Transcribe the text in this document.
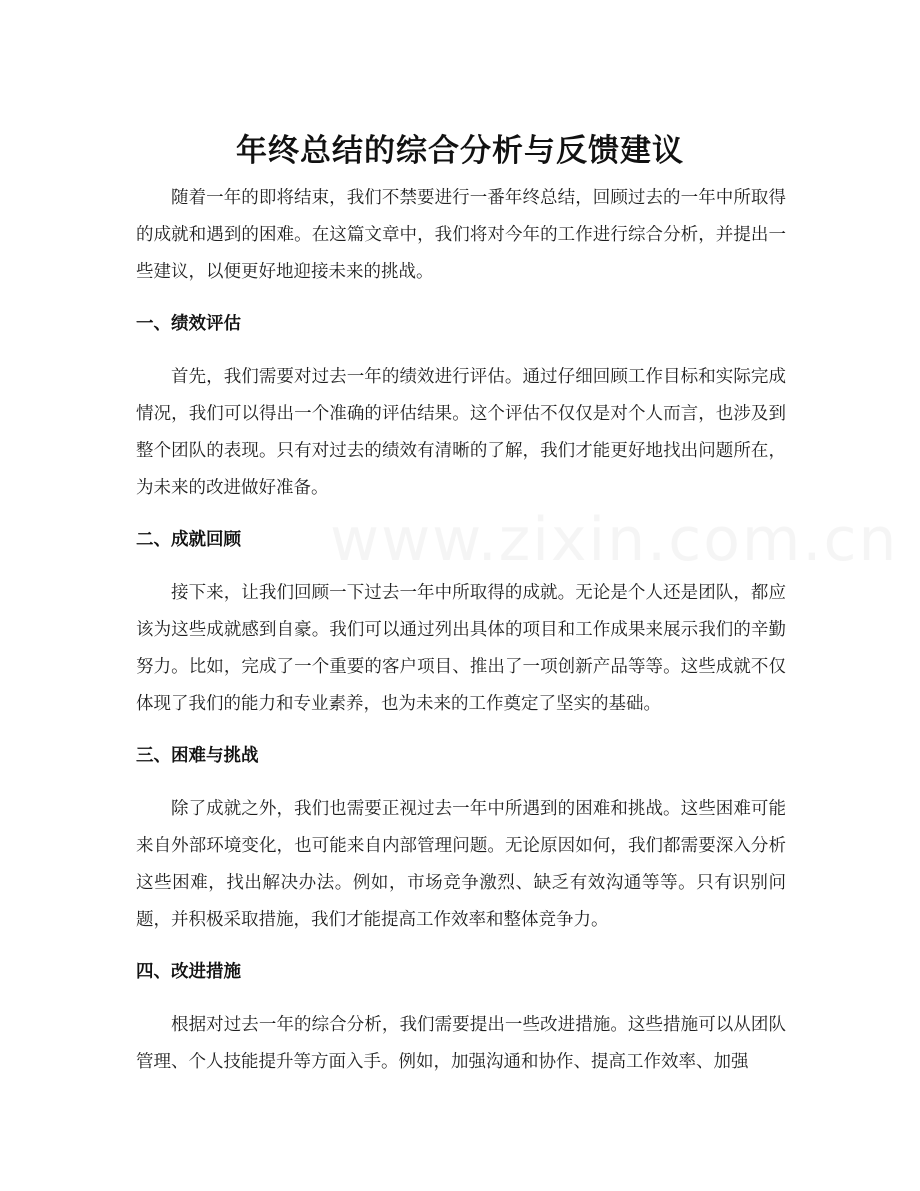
www.zixin.com.cn
年终总结的综合分析与反馈建议

随着一年的即将结束，我们不禁要进行一番年终总结，回顾过去的一年中所取得的成就和遇到的困难。在这篇文章中，我们将对今年的工作进行综合分析，并提出一些建议，以便更好地迎接未来的挑战。

一、绩效评估

首先，我们需要对过去一年的绩效进行评估。通过仔细回顾工作目标和实际完成情况，我们可以得出一个准确的评估结果。这个评估不仅仅是对个人而言，也涉及到整个团队的表现。只有对过去的绩效有清晰的了解，我们才能更好地找出问题所在，为未来的改进做好准备。

二、成就回顾

接下来，让我们回顾一下过去一年中所取得的成就。无论是个人还是团队，都应该为这些成就感到自豪。我们可以通过列出具体的项目和工作成果来展示我们的辛勤努力。比如，完成了一个重要的客户项目、推出了一项创新产品等等。这些成就不仅体现了我们的能力和专业素养，也为未来的工作奠定了坚实的基础。

三、困难与挑战

除了成就之外，我们也需要正视过去一年中所遇到的困难和挑战。这些困难可能来自外部环境变化，也可能来自内部管理问题。无论原因如何，我们都需要深入分析这些困难，找出解决办法。例如，市场竞争激烈、缺乏有效沟通等等。只有识别问题，并积极采取措施，我们才能提高工作效率和整体竞争力。

四、改进措施

根据对过去一年的综合分析，我们需要提出一些改进措施。这些措施可以从团队管理、个人技能提升等方面入手。例如，加强沟通和协作、提高工作效率、加强
